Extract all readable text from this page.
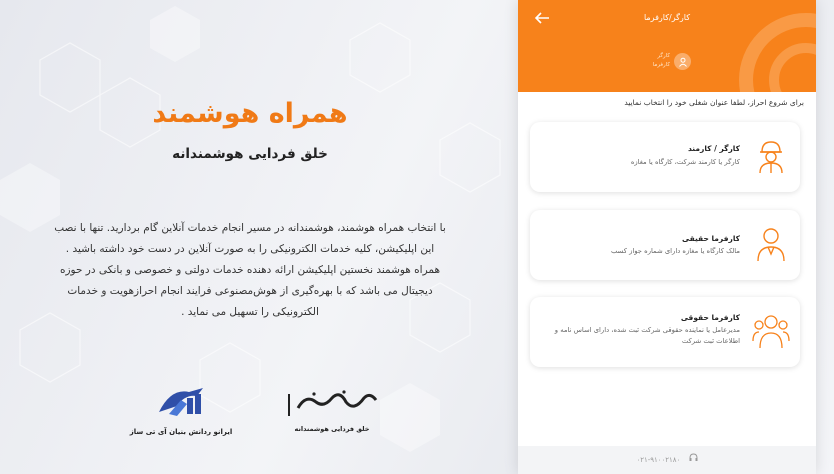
همراه هوشمند
خلق فردایی هوشمندانه
با انتخاب همراه هوشمند، هوشمندانه در مسیر انجام خدمات آنلاین گام بردارید. تنها با نصب
این اپلیکیشن، کلیه خدمات الکترونیکی را به صورت آنلاین در دست خود داشته باشید .
همراه هوشمند نخستین اپلیکیشن ارائه دهنده خدمات دولتی و خصوصی و بانکی در حوزه
دیجیتال می باشد که با بهره‌گیری از هوش‌مصنوعی فرایند انجام احرازهویت و خدمات
الکترونیکی را تسهیل می نماید .
ایرانو ردانش بنیان آی تی ساز	خلق فردایی هوشمندانه
کارگر/کارفرما
کارگر
کارفرما
برای شروع احراز، لطفا عنوان شغلی خود را انتخاب نمایید
کارگر / کارمند
کارگر یا کارمند شرکت، کارگاه یا مغازه
کارفرما حقیقی
مالک کارگاه یا مغازه دارای شماره جواز کسب
کارفرما حقوقی
مدیرعامل یا نماینده حقوقی شرکت ثبت شده، دارای اساس نامه و اطلاعات ثبت شرکت
۰۲۱-۹۱۰۰۲۱۸۰
